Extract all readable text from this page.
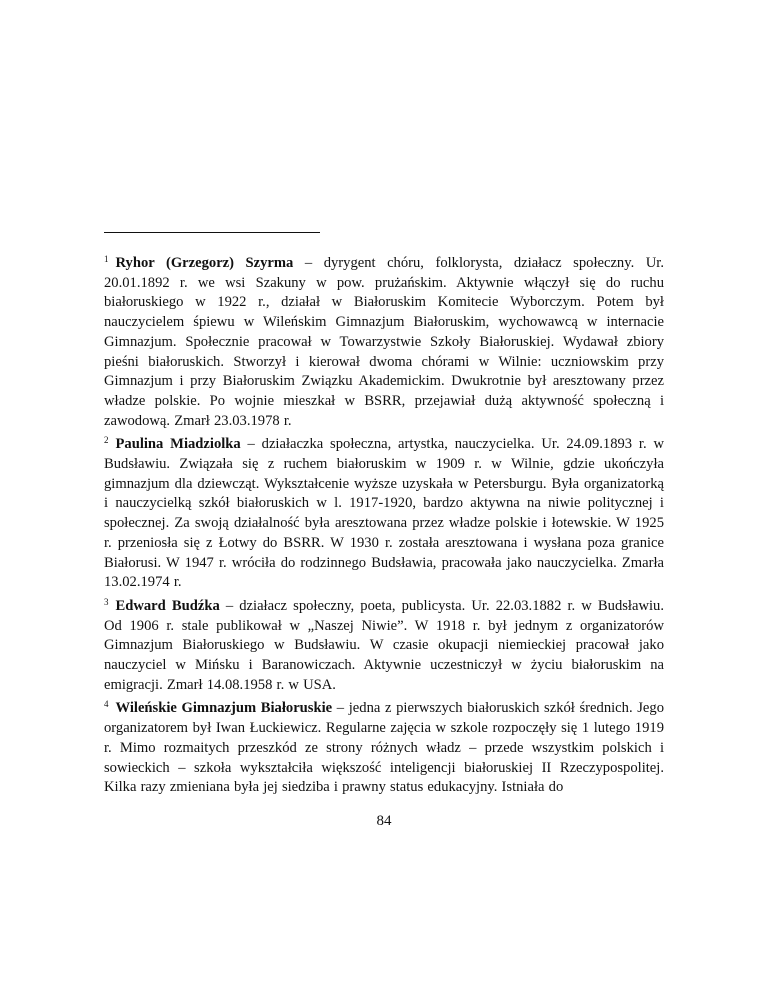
$^1$ Ryhor (Grzegorz) Szyrma – dyrygent chóru, folklorysta, działacz społeczny. Ur. 20.01.1892 r. we wsi Szakuny w pow. prużańskim. Aktywnie włączył się do ruchu białoruskiego w 1922 r., działał w Białoruskim Komitecie Wyborczym. Potem był nauczycielem śpiewu w Wileńskim Gimnazjum Białoruskim, wychowawcą w internacie Gimnazjum. Społecznie pracował w Towarzystwie Szkoły Białoruskiej. Wydawał zbiory pieśni białoruskich. Stworzył i kierował dwoma chórami w Wilnie: uczniowskim przy Gimnazjum i przy Białoruskim Związku Akademickim. Dwukrotnie był aresztowany przez władze polskie. Po wojnie mieszkał w BSRR, przejawiał dużą aktywność społeczną i zawodową. Zmarł 23.03.1978 r.

$^2$ Paulina Miadziolka – działaczka społeczna, artystka, nauczycielka. Ur. 24.09.1893 r. w Budsławiu. Związała się z ruchem białoruskim w 1909 r. w Wilnie, gdzie ukończyła gimnazjum dla dziewcząt. Wykształcenie wyższe uzyskała w Petersburgu. Była organizatorką i nauczycielką szkół białoruskich w l. 1917-1920, bardzo aktywna na niwie politycznej i społecznej. Za swoją działalność była aresztowana przez władze polskie i łotewskie. W 1925 r. przeniosła się z Łotwy do BSRR. W 1930 r. została aresztowana i wysłana poza granice Białorusi. W 1947 r. wróciła do rodzinnego Budsławia, pracowała jako nauczycielka. Zmarła 13.02.1974 r.

$^3$ Edward Budźka – działacz społeczny, poeta, publicysta. Ur. 22.03.1882 r. w Budsławiu. Od 1906 r. stale publikował w „Naszej Niwie”. W 1918 r. był jednym z organizatorów Gimnazjum Białoruskiego w Budsławiu. W czasie okupacji niemieckiej pracował jako nauczyciel w Mińsku i Baranowiczach. Aktywnie uczestniczył w życiu białoruskim na emigracji. Zmarł 14.08.1958 r. w USA.

$^4$ Wileńskie Gimnazjum Białoruskie – jedna z pierwszych białoruskich szkół średnich. Jego organizatorem był Iwan Łuckiewicz. Regularne zajęcia w szkole rozpoczęły się 1 lutego 1919 r. Mimo rozmaitych przeszkód ze strony różnych władz – przede wszystkim polskich i sowieckich – szkoła wykształciła większość inteligencji białoruskiej II Rzeczypospolitej. Kilka razy zmieniana była jej siedziba i prawny status edukacyjny. Istniała do

84
